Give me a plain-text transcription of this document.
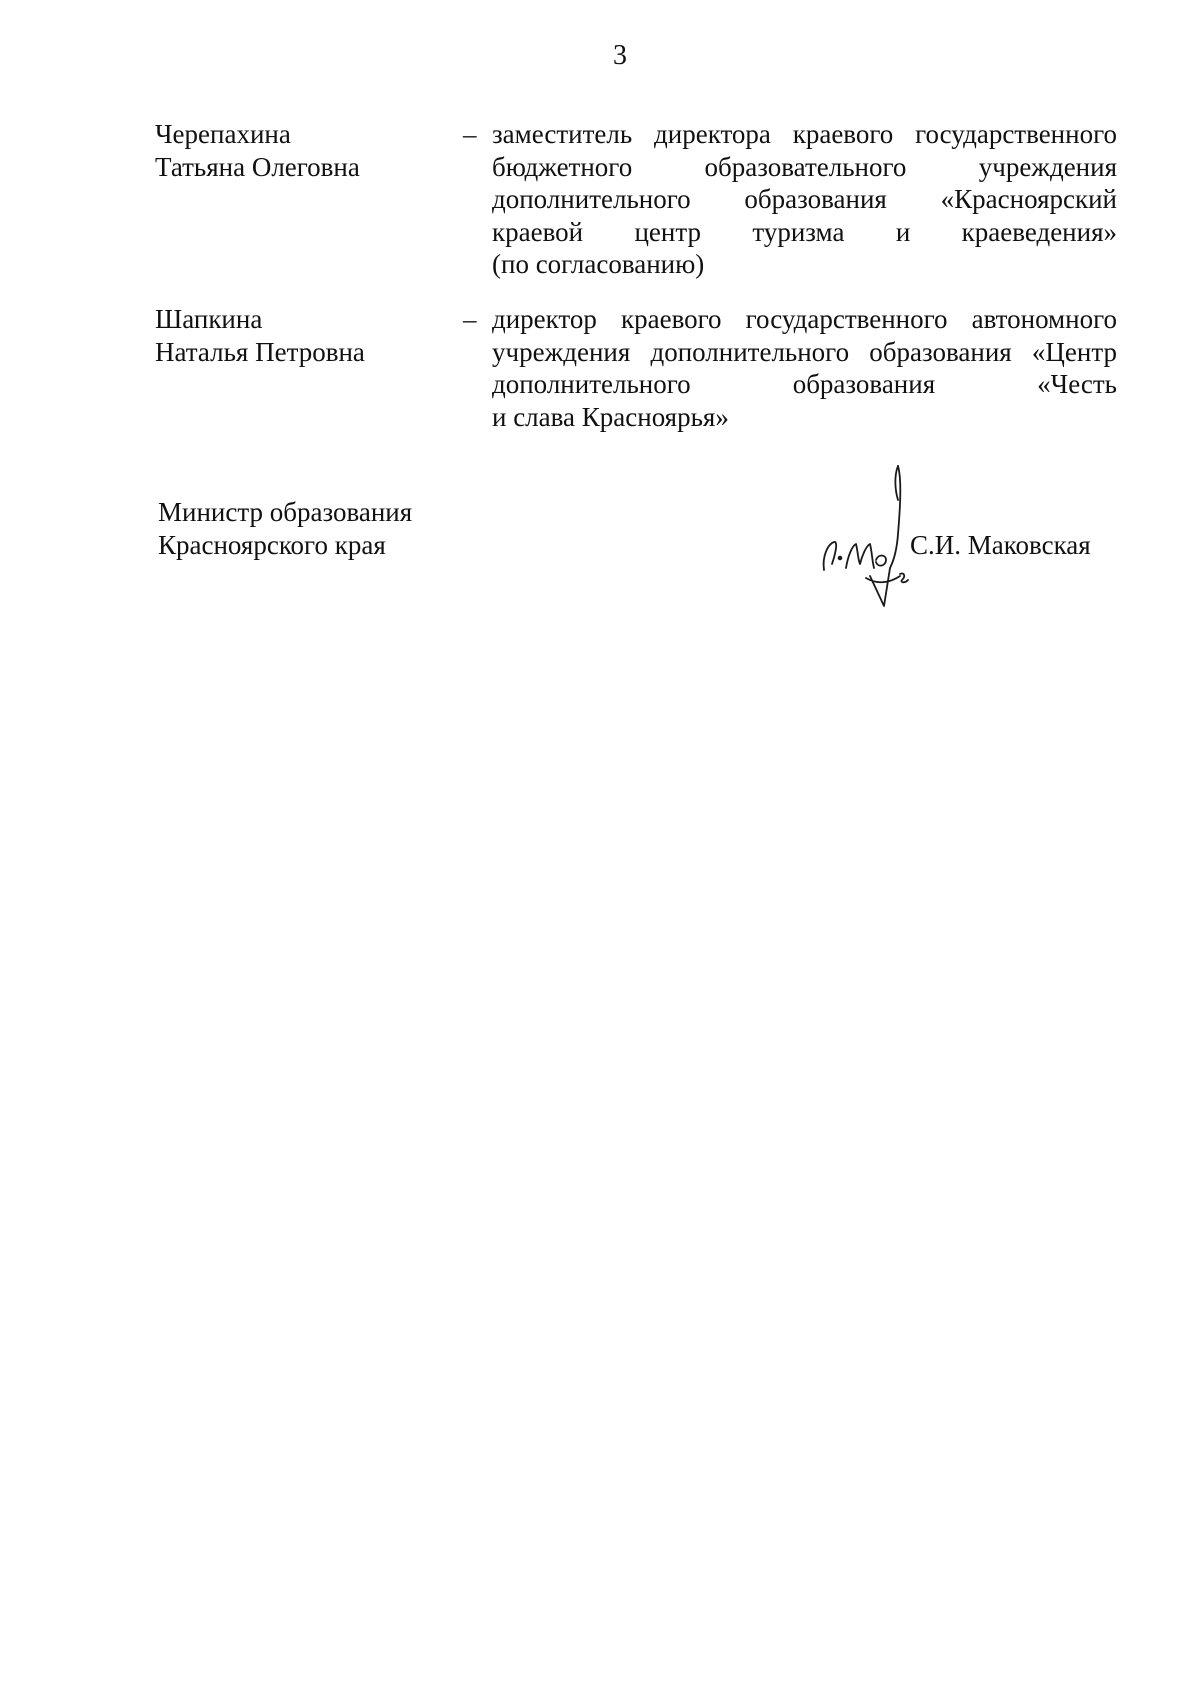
3
Черепахина
Татьяна Олеговна
– заместитель директора краевого государственного
бюджетного образовательного учреждения
дополнительного образования «Красноярский
краевой центр туризма и краеведения»
(по согласованию)
Шапкина
Наталья Петровна
– директор краевого государственного автономного
учреждения дополнительного образования «Центр
дополнительного образования «Честь
и слава Красноярья»
Министр образования
Красноярского края	С.И. Маковская
